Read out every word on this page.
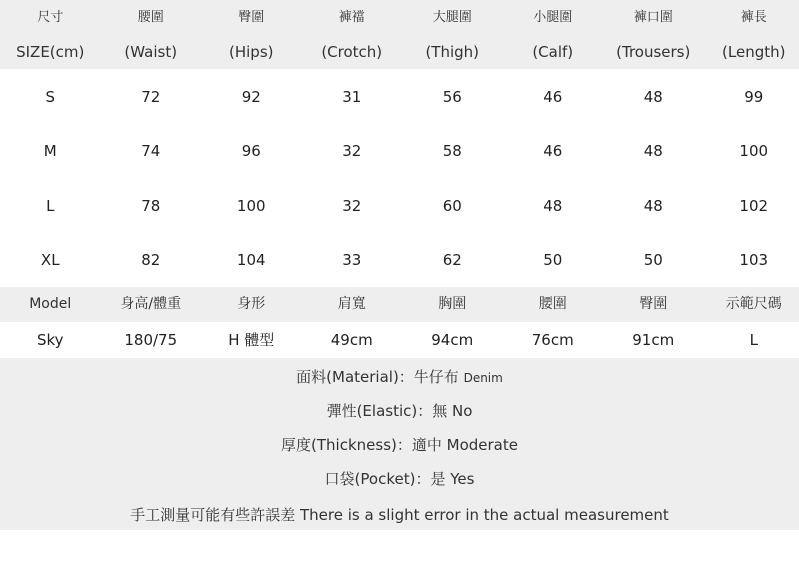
尺寸	腰圍	臀圍	褲襠	大腿圍	小腿圍	褲口圍	褲長
SIZE(cm)	(Waist)	(Hips)	(Crotch)	(Thigh)	(Calf)	(Trousers)	(Length)
S	72	92	31	56	46	48	99
M	74	96	32	58	46	48	100
L	78	100	32	60	48	48	102
XL	82	104	33	62	50	50	103
Model	身高/體重	身形	肩寬	胸圍	腰圍	臀圍	示範尺碼
Sky	180/75	H 體型	49cm	94cm	76cm	91cm	L
面料(Material)：牛仔布 Denim
彈性(Elastic)：無 No
厚度(Thickness)：適中 Moderate
口袋(Pocket)：是 Yes
手工測量可能有些許誤差 There is a slight error in the actual measurement
